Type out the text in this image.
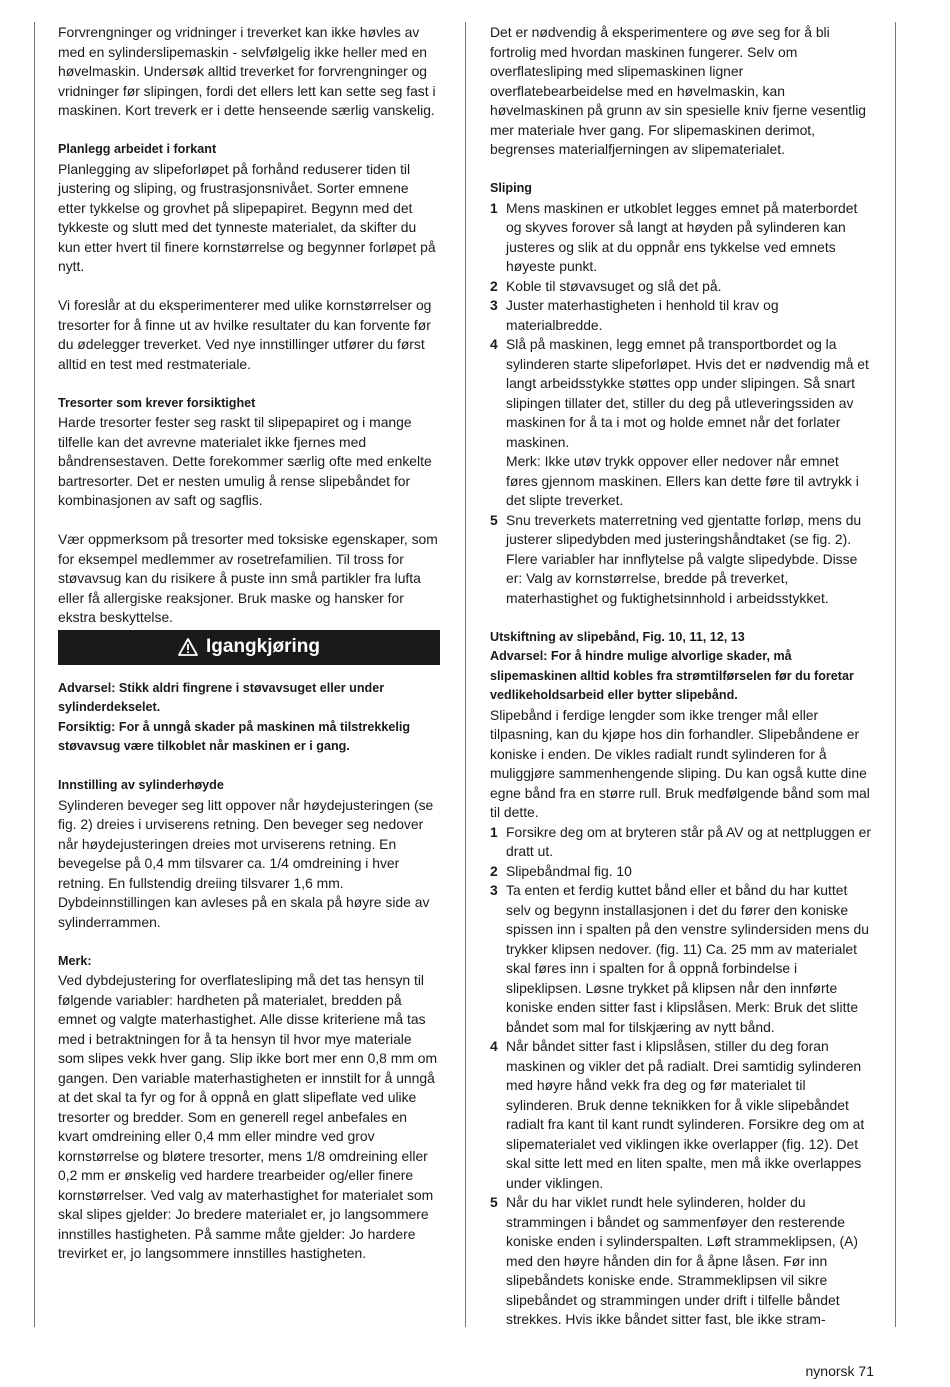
Forvrengninger og vridninger i treverket kan ikke høvles av med en sylinderslipemaskin - selvfølgelig ikke heller med en høvelmaskin. Undersøk alltid treverket for forvrengninger og vridninger før slipingen, fordi det ellers lett kan sette seg fast i maskinen. Kort treverk er i dette henseende særlig vanskelig.

Planlegg arbeidet i forkant

Planlegging av slipeforløpet på forhånd reduserer tiden til justering og sliping, og frustrasjonsnivået. Sorter emnene etter tykkelse og grovhet på slipepapiret. Begynn med det tykkeste og slutt med det tynneste materialet, da skifter du kun etter hvert til finere kornstørrelse og begynner forløpet på nytt.

Vi foreslår at du eksperimenterer med ulike kornstørrelser og tresorter for å finne ut av hvilke resultater du kan forvente før du ødelegger treverket. Ved nye innstillinger utfører du først alltid en test med restmateriale.

Tresorter som krever forsiktighet

Harde tresorter fester seg raskt til slipepapiret og i mange tilfelle kan det avrevne materialet ikke fjernes med båndrensestaven. Dette forekommer særlig ofte med enkelte bartresorter. Det er nesten umulig å rense slipebåndet for kombinasjonen av saft og sagflis.

Vær oppmerksom på tresorter med toksiske egenskaper, som for eksempel medlemmer av rosetrefamilien. Til tross for støvavsug kan du risikere å puste inn små partikler fra lufta eller få allergiske reaksjoner. Bruk maske og hansker for ekstra beskyttelse.

Igangkjøring

Advarsel: Stikk aldri fingrene i støvavsuget eller under sylinderdekselet.

Forsiktig: For å unngå skader på maskinen må tilstrekkelig støvavsug være tilkoblet når maskinen er i gang.

Innstilling av sylinderhøyde

Sylinderen beveger seg litt oppover når høydejusteringen (se fig. 2) dreies i urviserens retning. Den beveger seg nedover når høydejusteringen dreies mot urviserens retning. En bevegelse på 0,4 mm tilsvarer ca. 1/4 omdreining i hver retning. En fullstendig dreiing tilsvarer 1,6 mm. Dybdeinnstillingen kan avleses på en skala på høyre side av sylinderrammen.

Merk:

Ved dybdejustering for overflatesliping må det tas hensyn til følgende variabler: hardheten på materialet, bredden på emnet og valgte materhastighet. Alle disse kriteriene må tas med i betraktningen for å ta hensyn til hvor mye materiale som slipes vekk hver gang. Slip ikke bort mer enn 0,8 mm om gangen. Den variable materhastigheten er innstilt for å unngå at det skal ta fyr og for å oppnå en glatt slipeflate ved ulike tresorter og bredder. Som en generell regel anbefales en kvart omdreining eller 0,4 mm eller mindre ved grov kornstørrelse og bløtere tresorter, mens 1/8 omdreining eller 0,2 mm er ønskelig ved hardere trearbeider og/eller finere kornstørrelser. Ved valg av materhastighet for materialet som skal slipes gjelder: Jo bredere materialet er, jo langsommere innstilles hastigheten. På samme måte gjelder: Jo hardere trevirket er, jo langsommere innstilles hastigheten.

Det er nødvendig å eksperimentere og øve seg for å bli fortrolig med hvordan maskinen fungerer. Selv om overflatesliping med slipemaskinen ligner overflatebearbeidelse med en høvelmaskin, kan høvelmaskinen på grunn av sin spesielle kniv fjerne vesentlig mer materiale hver gang. For slipemaskinen derimot, begrenses materialfjerningen av slipematerialet.

Sliping

1 Mens maskinen er utkoblet legges emnet på materbordet og skyves forover så langt at høyden på sylinderen kan justeres og slik at du oppnår ens tykkelse ved emnets høyeste punkt.
2 Koble til støvavsuget og slå det på.
3 Juster materhastigheten i henhold til krav og materialbredde.
4 Slå på maskinen, legg emnet på transportbordet og la sylinderen starte slipeforløpet. Hvis det er nødvendig må et langt arbeidsstykke støttes opp under slipingen. Så snart slipingen tillater det, stiller du deg på utleveringssiden av maskinen for å ta i mot og holde emnet når det forlater maskinen.
Merk: Ikke utøv trykk oppover eller nedover når emnet føres gjennom maskinen. Ellers kan dette føre til avtrykk i det slipte treverket.
5 Snu treverkets materretning ved gjentatte forløp, mens du justerer slipedybden med justeringshåndtaket (se fig. 2). Flere variabler har innflytelse på valgte slipedybde. Disse er: Valg av kornstørrelse, bredde på treverket, materhastighet og fuktighetsinnhold i arbeidsstykket.

Utskiftning av slipebånd, Fig. 10, 11, 12, 13

Advarsel: For å hindre mulige alvorlige skader, må slipemaskinen alltid kobles fra strømtilførselen før du foretar vedlikeholdsarbeid eller bytter slipebånd.

Slipebånd i ferdige lengder som ikke trenger mål eller tilpasning, kan du kjøpe hos din forhandler. Slipebåndene er koniske i enden. De vikles radialt rundt sylinderen for å muliggjøre sammenhengende sliping. Du kan også kutte dine egne bånd fra en større rull. Bruk medfølgende bånd som mal til dette.

1 Forsikre deg om at bryteren står på AV og at nettpluggen er dratt ut.
2 Slipebåndmal fig. 10
3 Ta enten et ferdig kuttet bånd eller et bånd du har kuttet selv og begynn installasjonen i det du fører den koniske spissen inn i spalten på den venstre sylindersiden mens du trykker klipsen nedover. (fig. 11) Ca. 25 mm av materialet skal føres inn i spalten for å oppnå forbindelse i slipeklipsen. Løsne trykket på klipsen når den innførte koniske enden sitter fast i klipslåsen. Merk: Bruk det slitte båndet som mal for tilskjæring av nytt bånd.
4 Når båndet sitter fast i klipslåsen, stiller du deg foran maskinen og vikler det på radialt. Drei samtidig sylinderen med høyre hånd vekk fra deg og før materialet til sylinderen. Bruk denne teknikken for å vikle slipebåndet radialt fra kant til kant rundt sylinderen. Forsikre deg om at slipematerialet ved viklingen ikke overlapper (fig. 12). Det skal sitte lett med en liten spalte, men må ikke overlappes under viklingen.
5 Når du har viklet rundt hele sylinderen, holder du strammingen i båndet og sammenføyer den resterende koniske enden i sylinderspalten. Løft strammeklipsen, (A) med den høyre hånden din for å åpne låsen. Før inn slipebåndets koniske ende. Strammeklipsen vil sikre slipebåndet og strammingen under drift i tilfelle båndet strekkes. Hvis ikke båndet sitter fast, ble ikke stram-
nynorsk 71
